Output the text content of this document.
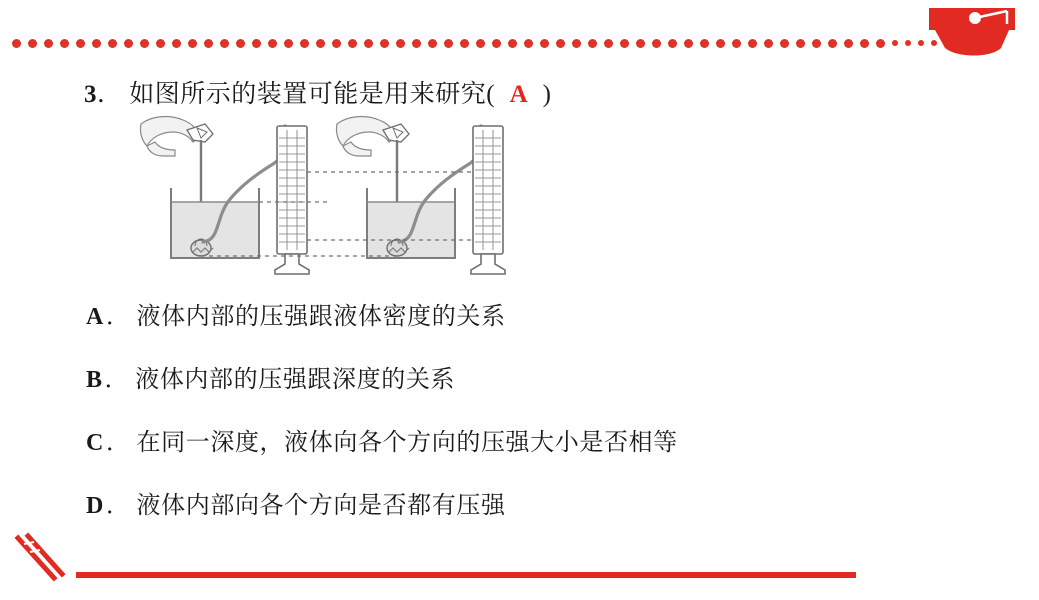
3． 如图所示的装置可能是用来研究( A )
A． 液体内部的压强跟液体密度的关系
B． 液体内部的压强跟深度的关系
C． 在同一深度，液体向各个方向的压强大小是否相等
D． 液体内部向各个方向是否都有压强
